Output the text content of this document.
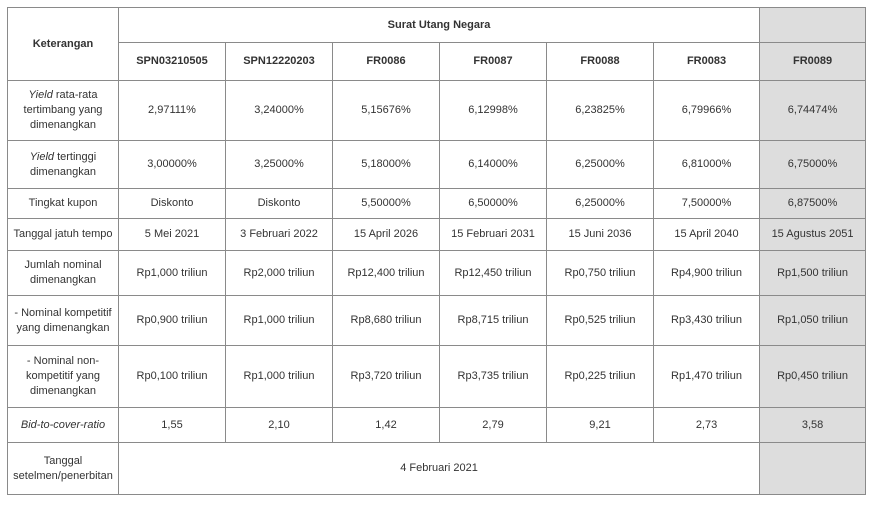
Keterangan	Surat Utang Negara						
	SPN03210505	SPN12220203	FR0086	FR0087	FR0088	FR0083	FR0089
Yield rata-rata tertimbang yang dimenangkan	2,97111%	3,24000%	5,15676%	6,12998%	6,23825%	6,79966%	6,74474%
Yield tertinggi dimenangkan	3,00000%	3,25000%	5,18000%	6,14000%	6,25000%	6,81000%	6,75000%
Tingkat kupon	Diskonto	Diskonto	5,50000%	6,50000%	6,25000%	7,50000%	6,87500%
Tanggal jatuh tempo	5 Mei 2021	3 Februari 2022	15 April 2026	15 Februari 2031	15 Juni 2036	15 April 2040	15 Agustus 2051
Jumlah nominal dimenangkan	Rp1,000 triliun	Rp2,000 triliun	Rp12,400 triliun	Rp12,450 triliun	Rp0,750 triliun	Rp4,900 triliun	Rp1,500 triliun
- Nominal kompetitif yang dimenangkan	Rp0,900 triliun	Rp1,000 triliun	Rp8,680 triliun	Rp8,715 triliun	Rp0,525 triliun	Rp3,430 triliun	Rp1,050 triliun
- Nominal non-kompetitif yang dimenangkan	Rp0,100 triliun	Rp1,000 triliun	Rp3,720 triliun	Rp3,735 triliun	Rp0,225 triliun	Rp1,470 triliun	Rp0,450 triliun
Bid-to-cover-ratio	1,55	2,10	1,42	2,79	9,21	2,73	3,58
Tanggal setelmen/penerbitan	4 Februari 2021						
